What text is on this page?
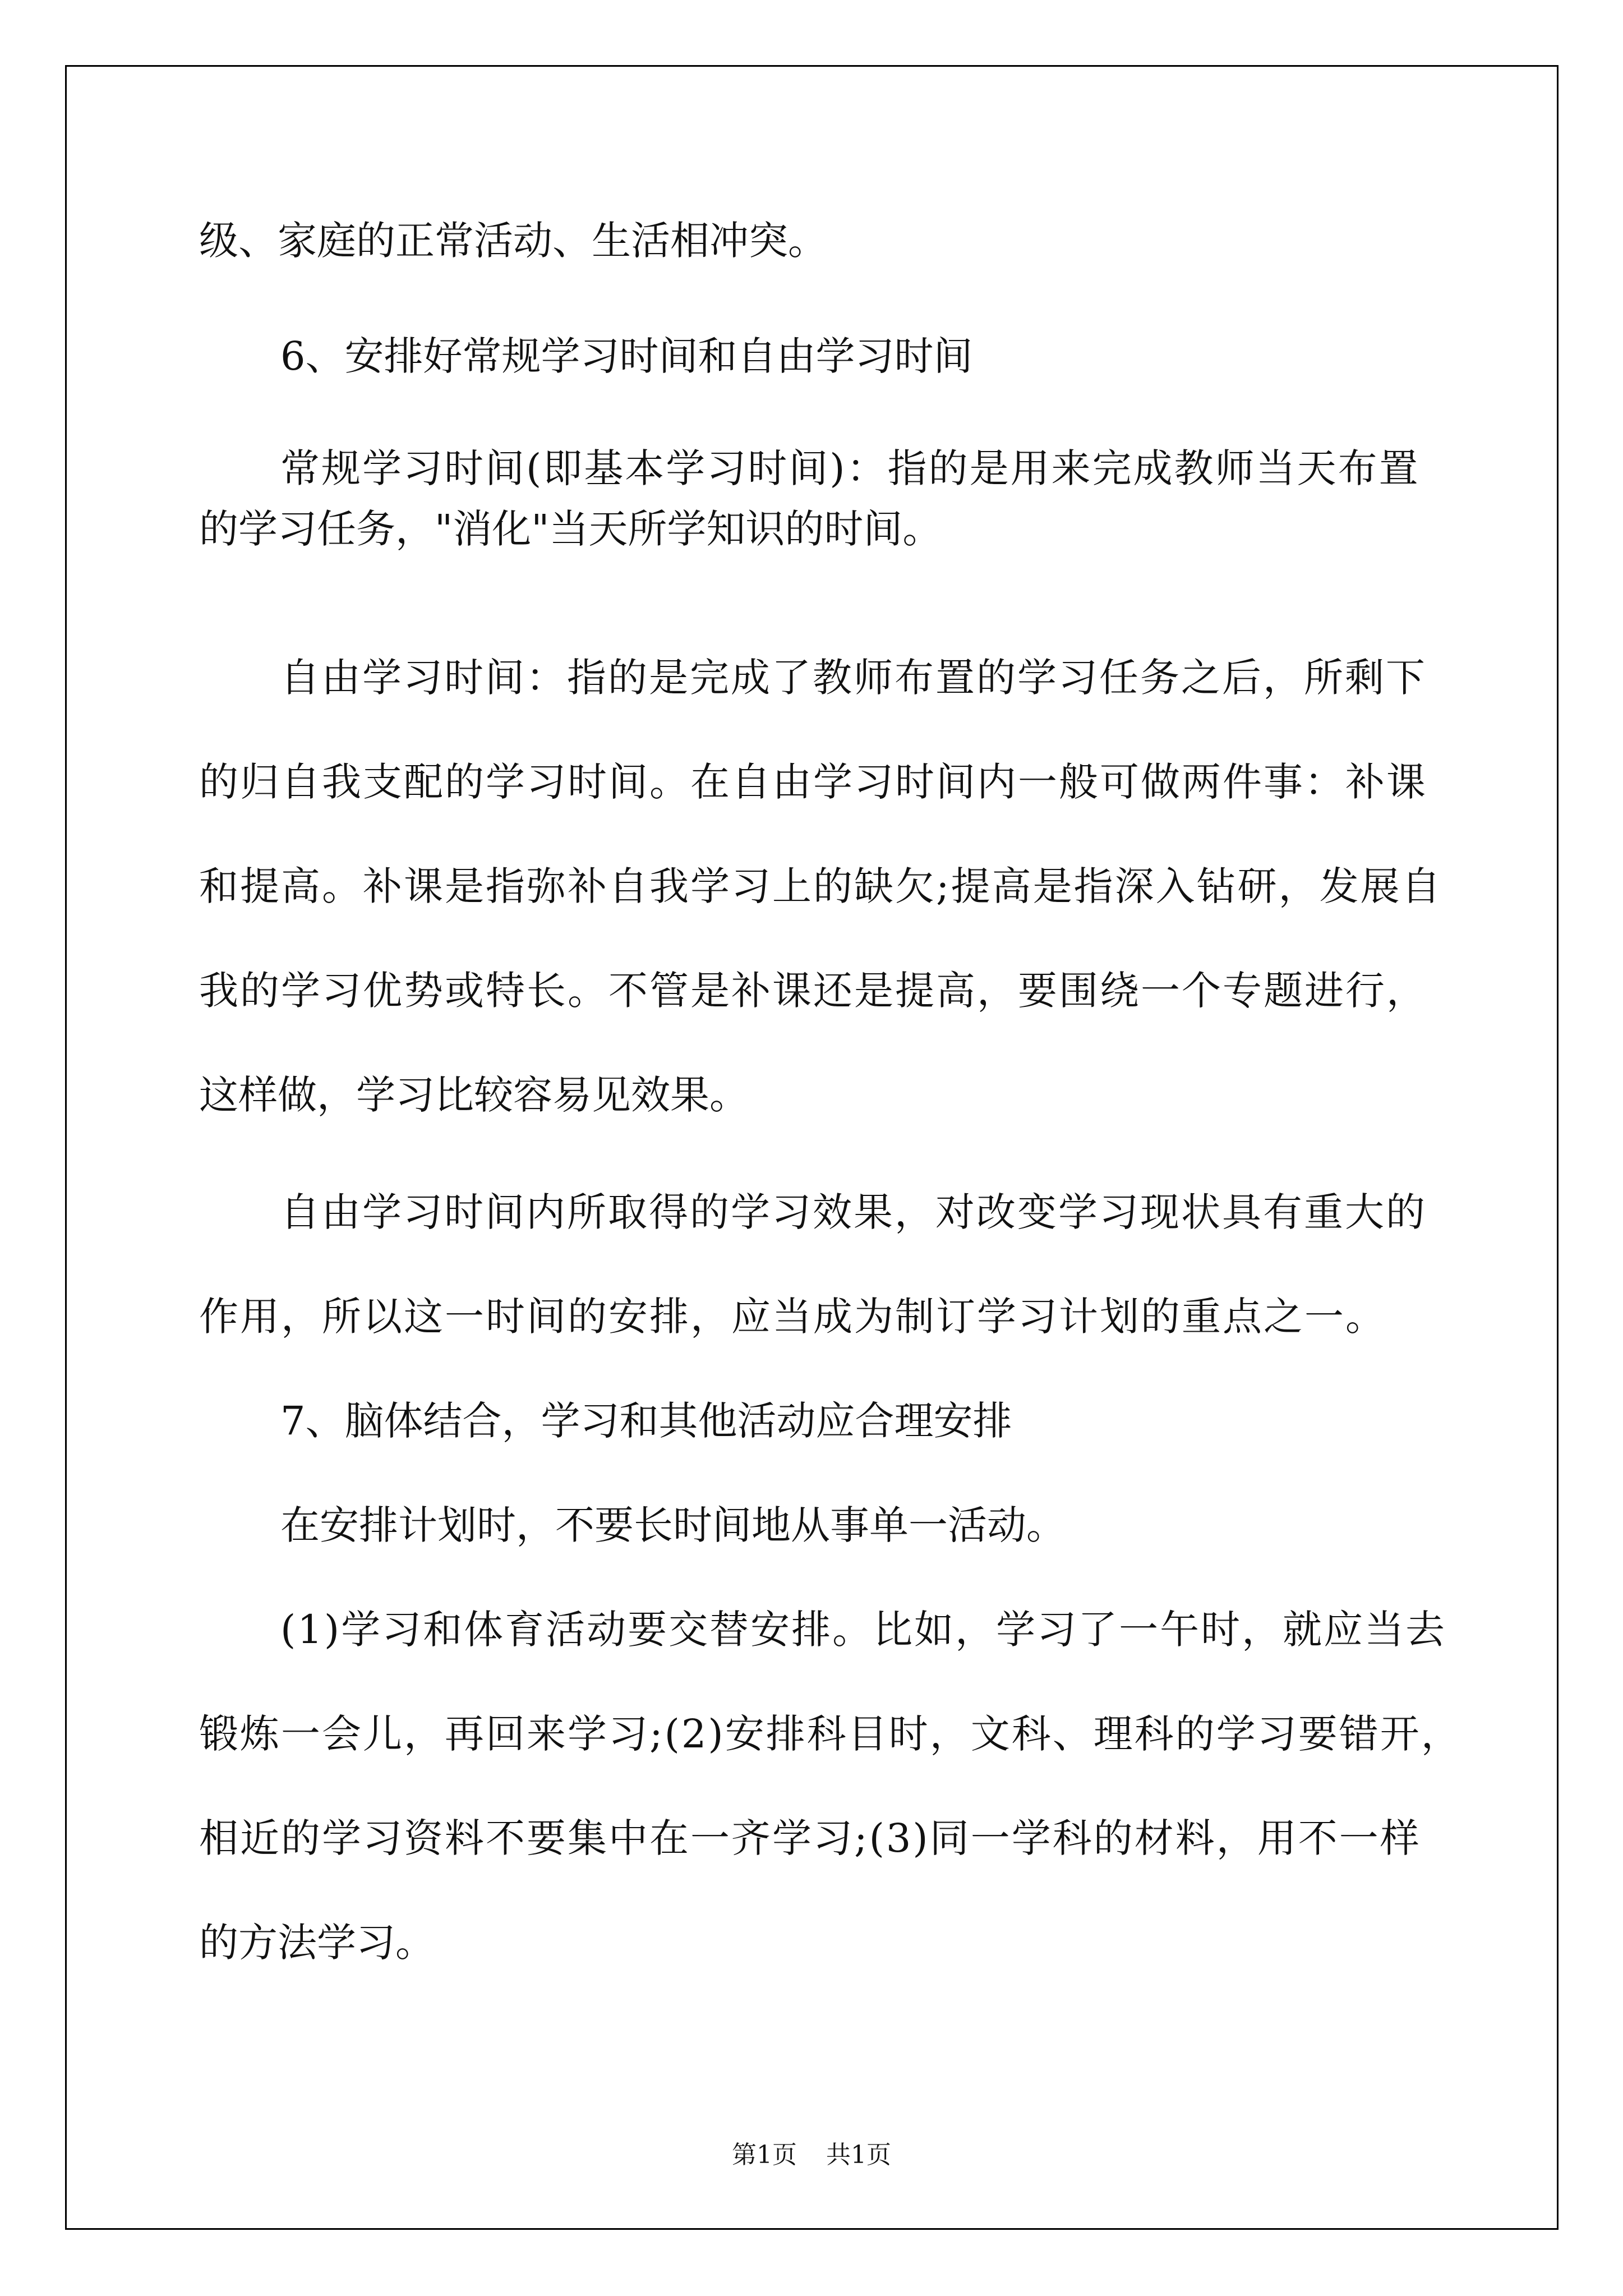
级、家庭的正常活动、生活相冲突。

6、安排好常规学习时间和自由学习时间

常规学习时间(即基本学习时间)：指的是用来完成教师当天布置

的学习任务，"消化"当天所学知识的时间。

自由学习时间：指的是完成了教师布置的学习任务之后，所剩下

的归自我支配的学习时间。在自由学习时间内一般可做两件事：补课

和提高。补课是指弥补自我学习上的缺欠;提高是指深入钻研，发展自

我的学习优势或特长。不管是补课还是提高，要围绕一个专题进行，

这样做，学习比较容易见效果。

自由学习时间内所取得的学习效果，对改变学习现状具有重大的

作用，所以这一时间的安排，应当成为制订学习计划的重点之一。

7、脑体结合，学习和其他活动应合理安排

在安排计划时，不要长时间地从事单一活动。

(1)学习和体育活动要交替安排。比如，学习了一午时，就应当去

锻炼一会儿，再回来学习;(2)安排科目时，文科、理科的学习要错开，

相近的学习资料不要集中在一齐学习;(3)同一学科的材料，用不一样

的方法学习。

第1页 共1页
